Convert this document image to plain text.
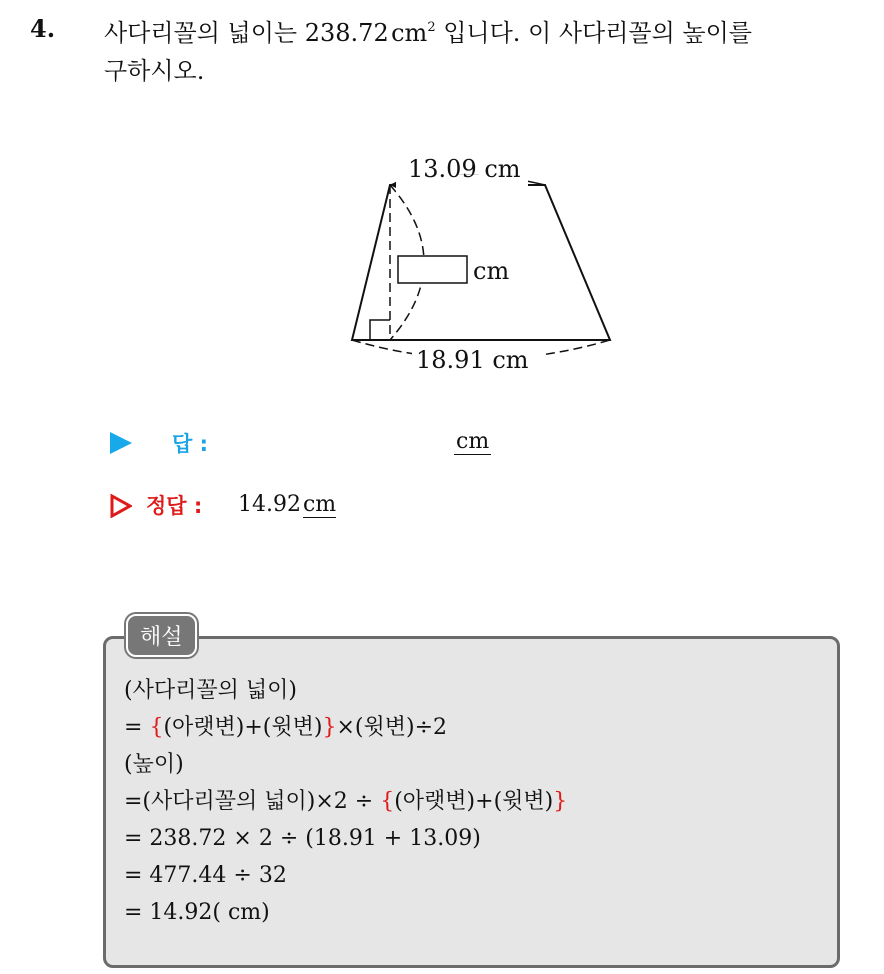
4. 사다리꼴의 넓이는 238.72 $cm^2$ 입니다. 이 사다리꼴의 높이를
구하시오.
13.09 cm
cm
18.91 cm
답 :	cm
정답 : 14.92cm
해설
(사다리꼴의 넓이)
= {(아랫변)+(윗변)}×(윗변)÷2
(높이)
=(사다리꼴의 넓이)×2 ÷ {(아랫변)+(윗변)}
= 238.72 × 2 ÷ (18.91 + 13.09)
= 477.44 ÷ 32
= 14.92( cm)
